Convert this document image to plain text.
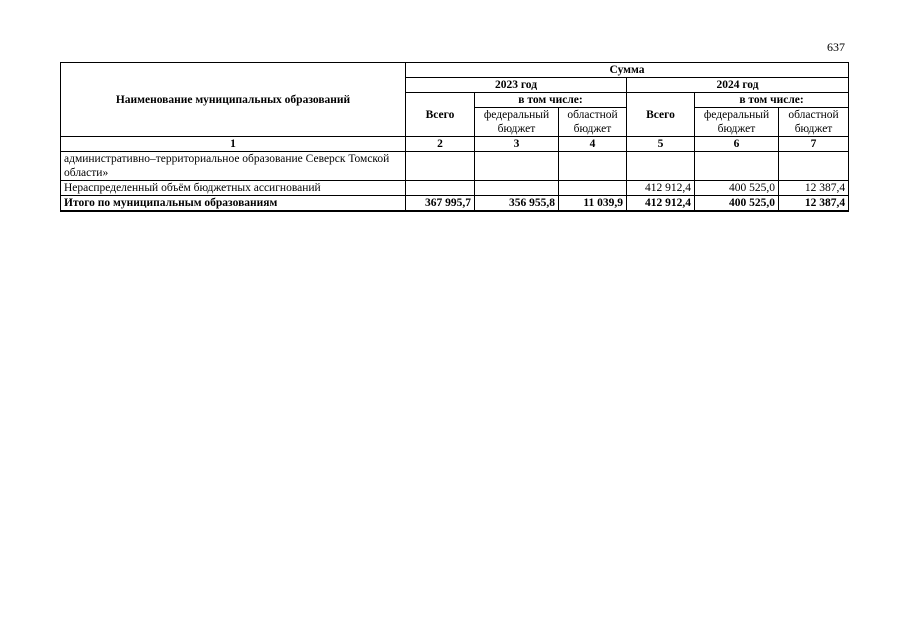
637
Наименование муниципальных образований	Сумма					
	2023 год			2024 год		
	Всего	в том числе:		Всего	в том числе:	
		федеральный бюджет	областной бюджет		федеральный бюджет	областной бюджет
1	2	3	4	5	6	7
административно–территориальное образование Северск Томской области»						
Нераспределенный объём бюджетных ассигнований				412 912,4	400 525,0	12 387,4
Итого по муниципальным образованиям	367 995,7	356 955,8	11 039,9	412 912,4	400 525,0	12 387,4
